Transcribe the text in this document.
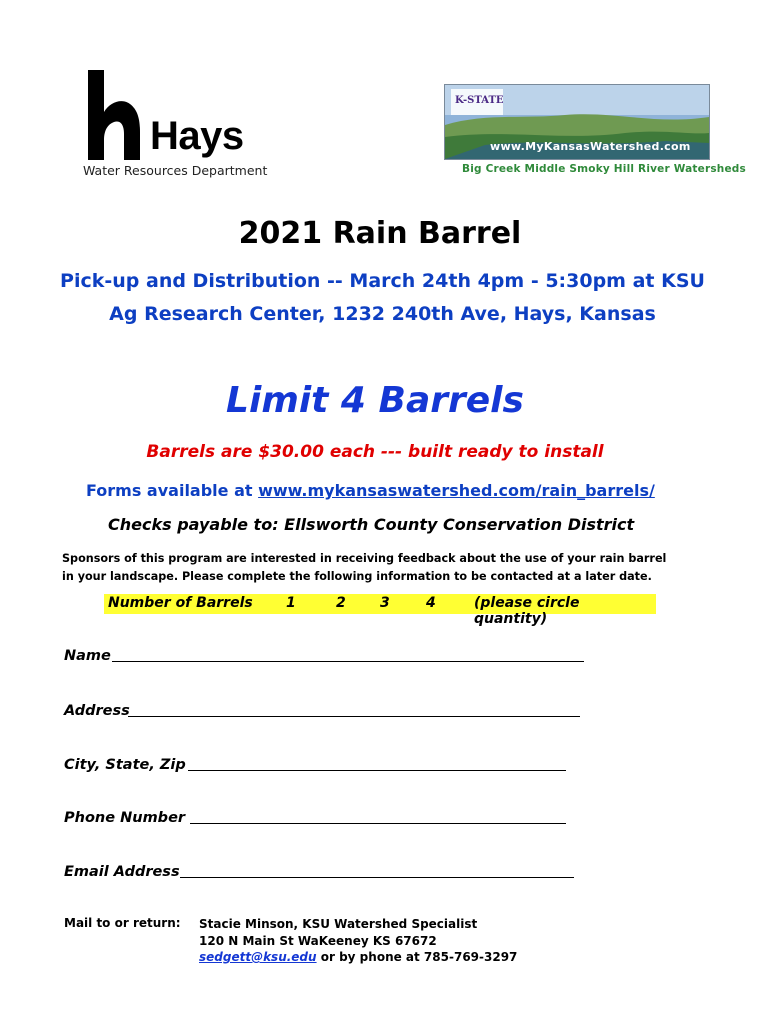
Hays
Water Resources Department
K-STATE
www.MyKansasWatershed.com
Big Creek Middle Smoky Hill River Watersheds
2021 Rain Barrel
Pick-up and Distribution -- March 24th 4pm - 5:30pm at KSU
Ag Research Center, 1232 240th Ave, Hays, Kansas
Limit 4 Barrels
Barrels are $30.00 each --- built ready to install
Forms available at www.mykansaswatershed.com/rain_barrels/
Checks payable to: Ellsworth County Conservation District
Sponsors of this program are interested in receiving feedback about the use of your rain barrel in your landscape. Please complete the following information to be contacted at a later date.
Number of Barrels 1	2 3	4	(please circle quantity)
Name
Address
City, State, Zip
Phone Number
Email Address
Mail to or return: Stacie Minson, KSU Watershed Specialist
120 N Main St WaKeeney KS 67672
sedgett@ksu.edu or by phone at 785-769-3297
